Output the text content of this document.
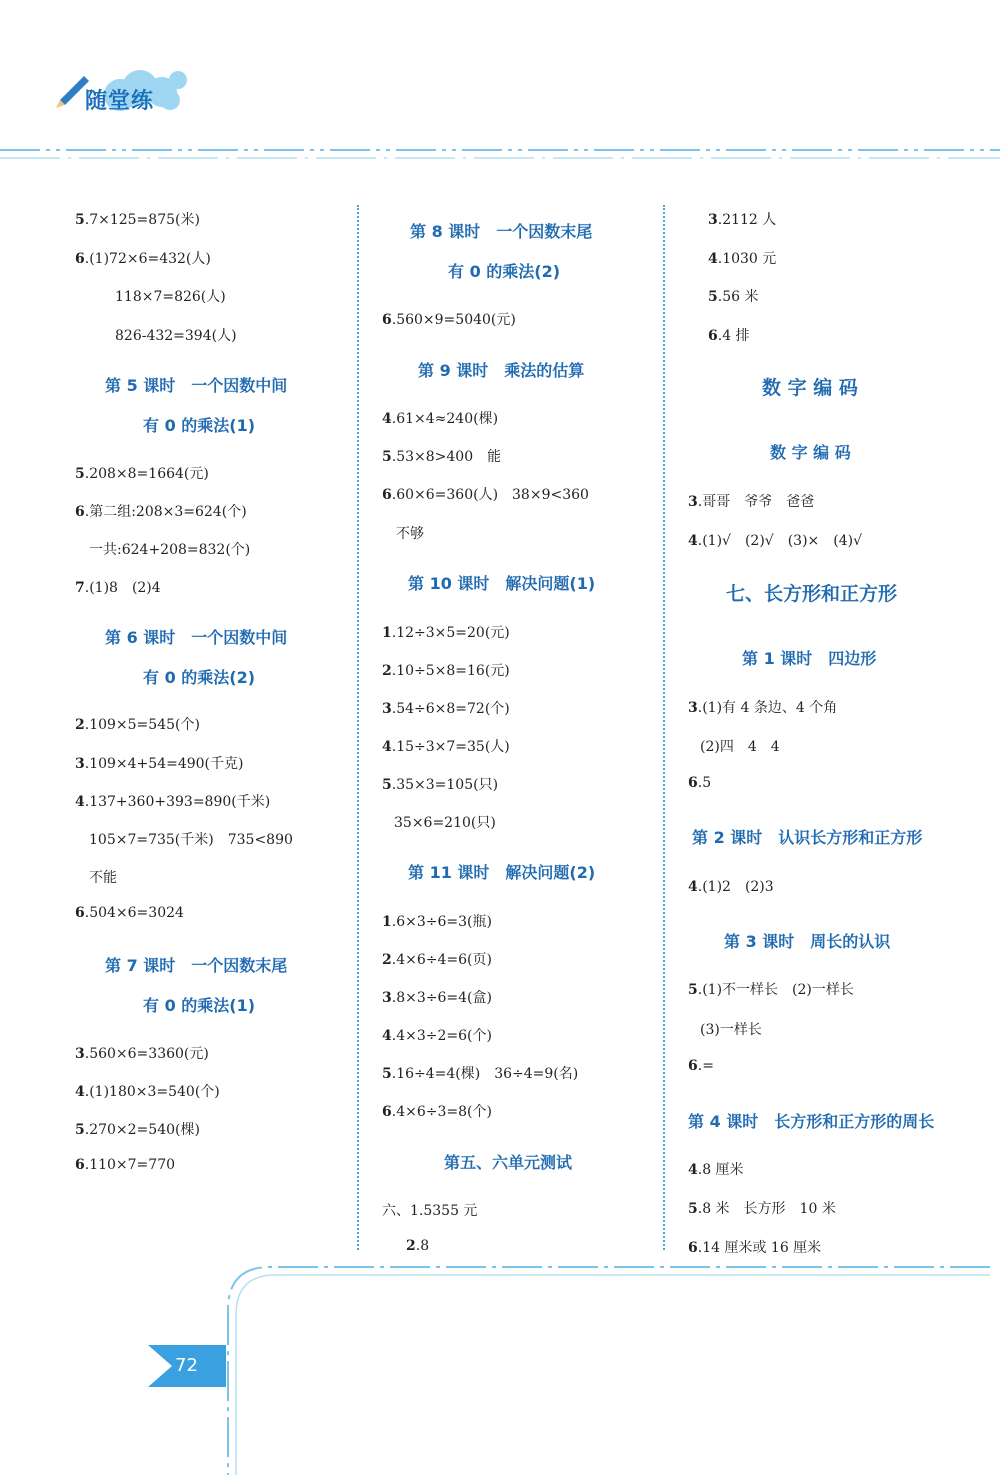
随堂练
5.7×125=875(米)
6.(1)72×6=432(人)
118×7=826(人)
826-432=394(人)
第 5 课时　一个因数中间
有 0 的乘法(1)
5.208×8=1664(元)
6.第二组:208×3=624(个)
一共:624+208=832(个)
7.(1)8　(2)4
第 6 课时　一个因数中间
有 0 的乘法(2)
2.109×5=545(个)
3.109×4+54=490(千克)
4.137+360+393=890(千米)
105×7=735(千米)　735<890
不能
6.504×6=3024
第 7 课时　一个因数末尾
有 0 的乘法(1)
3.560×6=3360(元)
4.(1)180×3=540(个)
5.270×2=540(棵)
6.110×7=770
第 8 课时　一个因数末尾
有 0 的乘法(2)
6.560×9=5040(元)
第 9 课时　乘法的估算
4.61×4≈240(棵)
5.53×8>400　能
6.60×6=360(人)　38×9<360
不够
第 10 课时　解决问题(1)
1.12÷3×5=20(元)
2.10÷5×8=16(元)
3.54÷6×8=72(个)
4.15÷3×7=35(人)
5.35×3=105(只)
35×6=210(只)
第 11 课时　解决问题(2)
1.6×3÷6=3(瓶)
2.4×6÷4=6(页)
3.8×3÷6=4(盒)
4.4×3÷2=6(个)
5.16÷4=4(棵)　36÷4=9(名)
6.4×6÷3=8(个)
第五、六单元测试
六、1.5355 元
2.8
3.2112 人
4.1030 元
5.56 米
6.4 排
数 字 编 码
数 字 编 码
3.哥哥　爷爷　爸爸
4.(1)√　(2)√　(3)×　(4)√
七、长方形和正方形
第 1 课时　四边形
3.(1)有 4 条边、4 个角
(2)四　4　4
6.5
第 2 课时　认识长方形和正方形
4.(1)2　(2)3
第 3 课时　周长的认识
5.(1)不一样长　(2)一样长
(3)一样长
6.=
第 4 课时　长方形和正方形的周长
4.8 厘米
5.8 米　长方形　10 米
6.14 厘米或 16 厘米
72
